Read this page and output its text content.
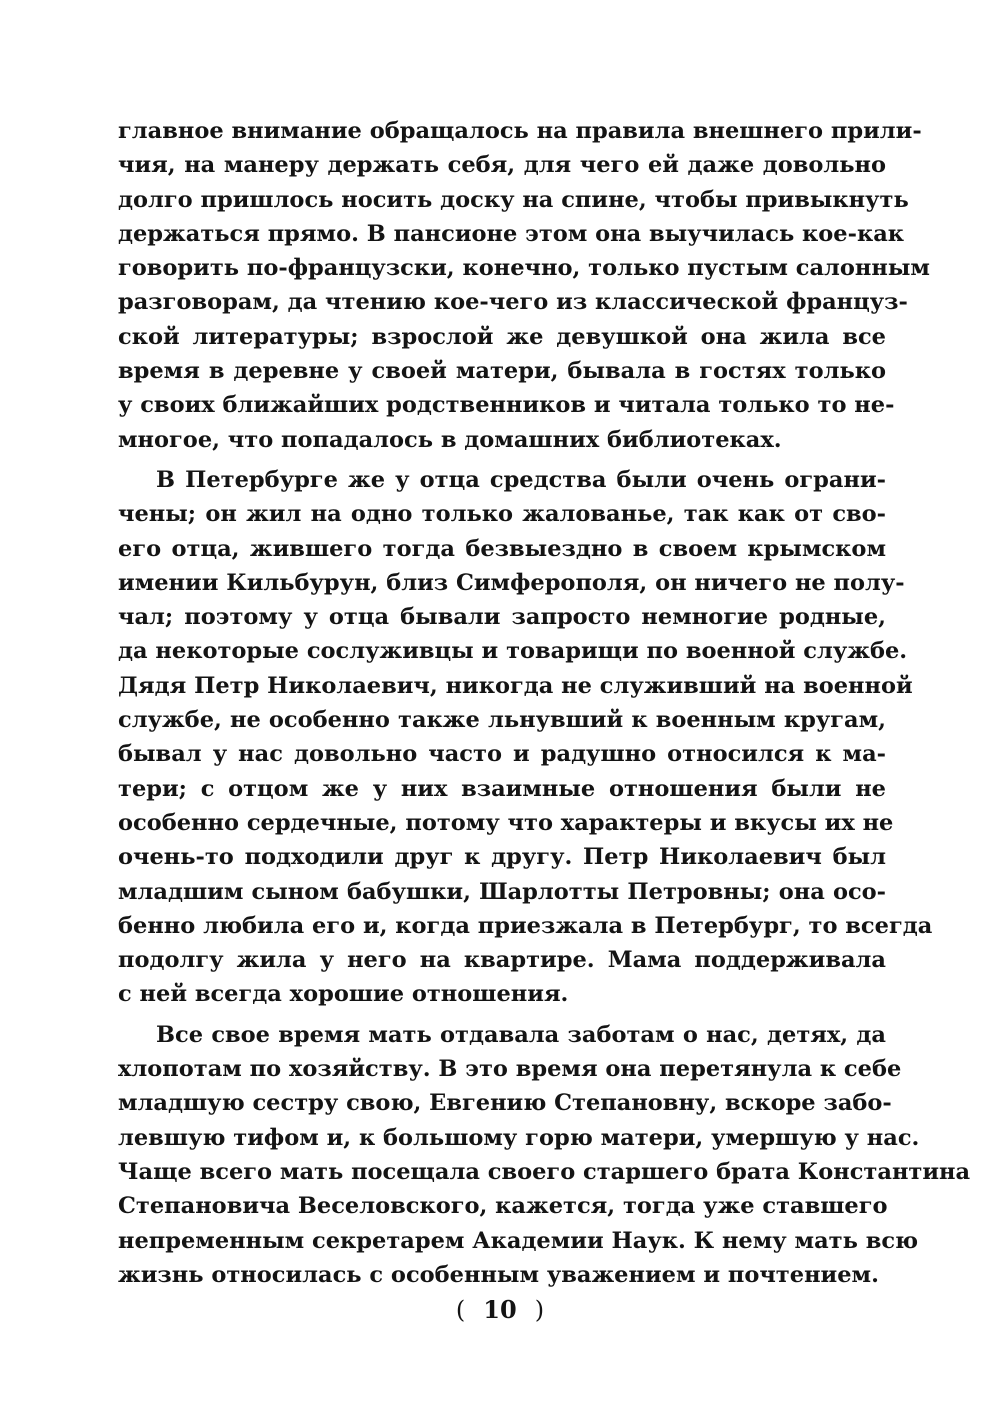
главное внимание обращалось на правила внешнего прили-
чия, на манеру держать себя, для чего ей даже довольно
долго пришлось носить доску на спине, чтобы привыкнуть
держаться прямо. В пансионе этом она выучилась кое-как
говорить по-французски, конечно, только пустым салонным
разговорам, да чтению кое-чего из классической француз-
ской литературы; взрослой же девушкой она жила все
время в деревне у своей матери, бывала в гостях только
у своих ближайших родственников и читала только то не-
многое, что попадалось в домашних библиотеках.
В Петербурге же у отца средства были очень ограни-
чены; он жил на одно только жалованье, так как от сво-
его отца, жившего тогда безвыездно в своем крымском
имении Кильбурун, близ Симферополя, он ничего не полу-
чал; поэтому у отца бывали запросто немногие родные,
да некоторые сослуживцы и товарищи по военной службе.
Дядя Петр Николаевич, никогда не служивший на военной
службе, не особенно также льнувший к военным кругам,
бывал у нас довольно часто и радушно относился к ма-
тери; с отцом же у них взаимные отношения были не
особенно сердечные, потому что характеры и вкусы их не
очень-то подходили друг к другу. Петр Николаевич был
младшим сыном бабушки, Шарлотты Петровны; она осо-
бенно любила его и, когда приезжала в Петербург, то всегда
подолгу жила у него на квартире. Мама поддерживала
с ней всегда хорошие отношения.
Все свое время мать отдавала заботам о нас, детях, да
хлопотам по хозяйству. В это время она перетянула к себе
младшую сестру свою, Евгению Степановну, вскоре забо-
левшую тифом и, к большому горю матери, умершую у нас.
Чаще всего мать посещала своего старшего брата Константина
Степановича Веселовского, кажется, тогда уже ставшего
непременным секретарем Академии Наук. К нему мать всю
жизнь относилась с особенным уважением и почтением.
( 10 )
